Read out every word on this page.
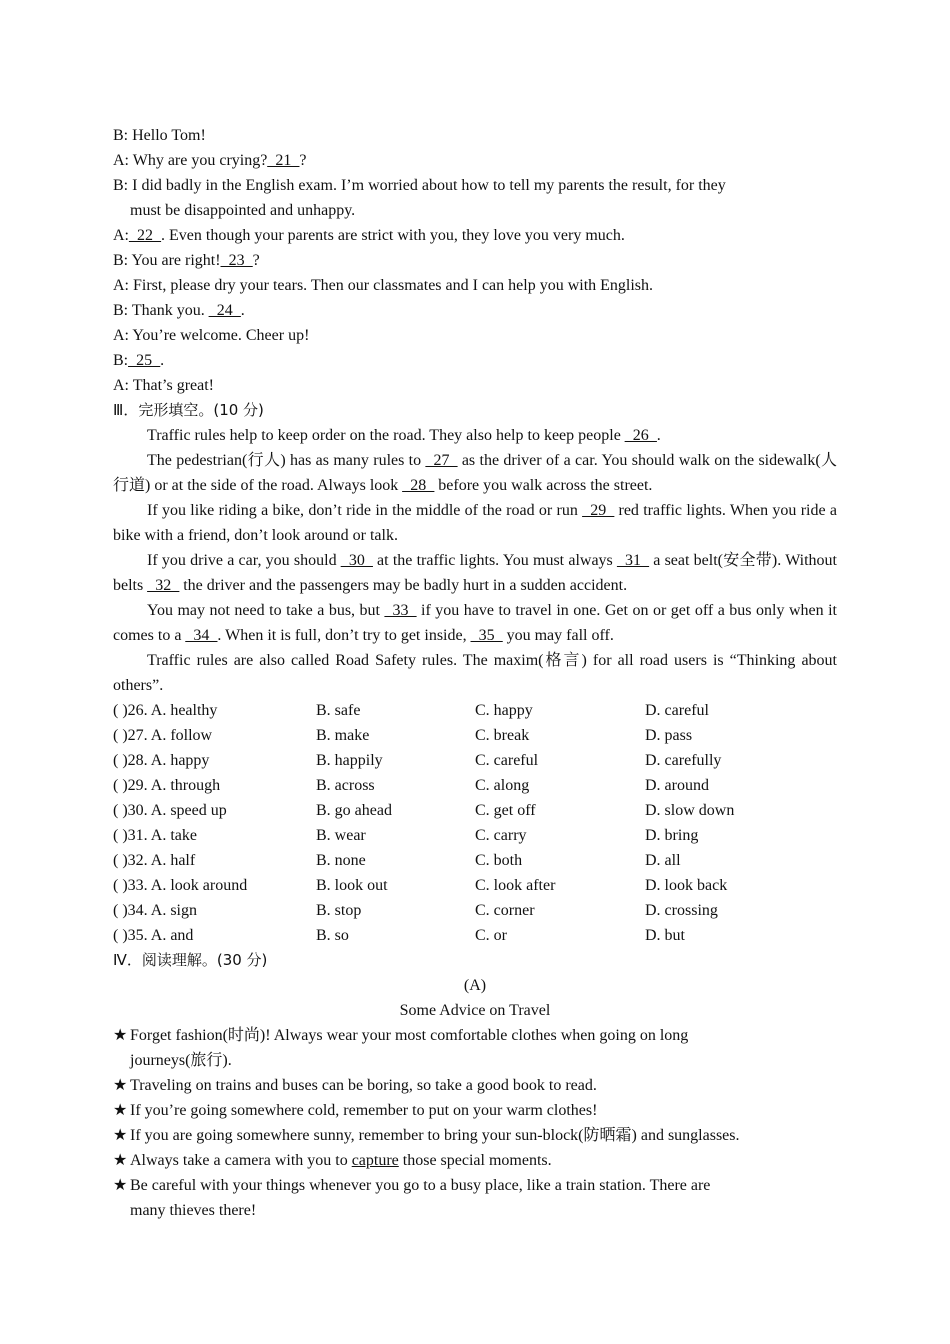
B: Hello Tom!
A: Why are you crying?_21_?
B: I did badly in the English exam. I’m worried about how to tell my parents the result, for they
must be disappointed and unhappy.
A:_22_. Even though your parents are strict with you, they love you very much.
B: You are right!_23_?
A: First, please dry your tears. Then our classmates and I can help you with English.
B: Thank you. _24_.
A: You’re welcome. Cheer up!
B:_25_.
A: That’s great!
Ⅲ．完形填空。(10 分)
Traffic rules help to keep order on the road. They also help to keep people _26_.
The pedestrian(行人) has as many rules to _27_ as the driver of a car. You should walk on the sidewalk(人行道) or at the side of the road. Always look _28_ before you walk across the street.
If you like riding a bike, don’t ride in the middle of the road or run _29_ red traffic lights. When you ride a bike with a friend, don’t look around or talk.
If you drive a car, you should _30_ at the traffic lights. You must always _31_ a seat belt(安全带). Without belts _32_ the driver and the passengers may be badly hurt in a sudden accident.
You may not need to take a bus, but _33_ if you have to travel in one. Get on or get off a bus only when it comes to a _34_. When it is full, don’t try to get inside, _35_ you may fall off.
Traffic rules are also called Road Safety rules. The maxim(格言) for all road users is “Thinking about others”.
( )26. A. healthy	B. safe	C. happy	D. careful
( )27. A. follow	B. make	C. break	D. pass
( )28. A. happy	B. happily	C. careful	D. carefully
( )29. A. through	B. across	C. along	D. around
( )30. A. speed up	B. go ahead	C. get off	D. slow down
( )31. A. take	B. wear	C. carry	D. bring
( )32. A. half	B. none	C. both	D. all
( )33. A. look around	B. look out	C. look after	D. look back
( )34. A. sign	B. stop	C. corner	D. crossing
( )35. A. and	B. so	C. or	D. but
Ⅳ．阅读理解。(30 分)
(A)
Some Advice on Travel
★ Forget fashion(时尚)! Always wear your most comfortable clothes when going on long
journeys(旅行).
★ Traveling on trains and buses can be boring, so take a good book to read.
★ If you’re going somewhere cold, remember to put on your warm clothes!
★ If you are going somewhere sunny, remember to bring your sun-block(防晒霜) and sunglasses.
★ Always take a camera with you to capture those special moments.
★ Be careful with your things whenever you go to a busy place, like a train station. There are
many thieves there!
